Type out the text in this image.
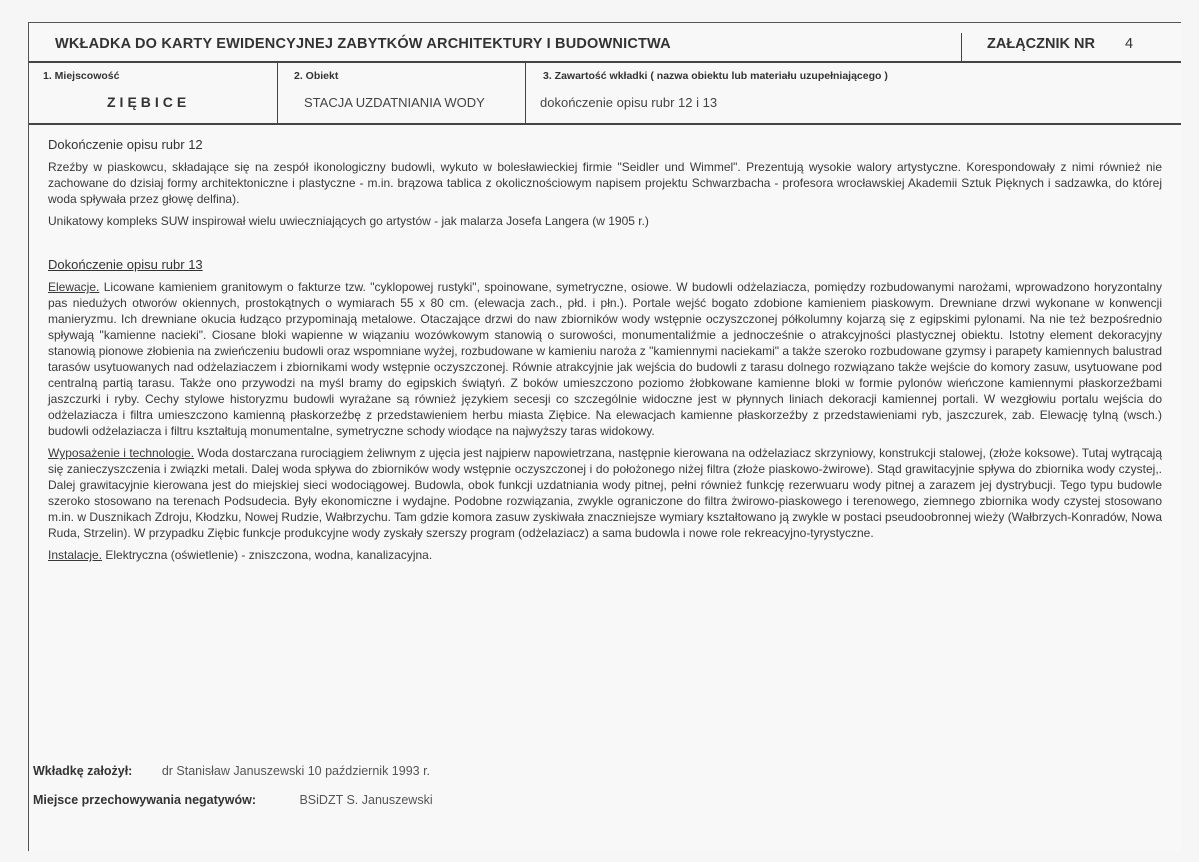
WKŁADKA DO KARTY EWIDENCYJNEJ ZABYTKÓW ARCHITEKTURY I BUDOWNICTWA	ZAŁĄCZNIK NR 4
1. Miejscowość
ZIĘBICE
2. Obiekt
STACJA UZDATNIANIA WODY
3. Zawartość wkładki ( nazwa obiektu lub materiału uzupełniającego )
dokończenie opisu rubr 12 i 13
Dokończenie opisu rubr 12

Rzeźby w piaskowcu, składające się na zespół ikonologiczny budowli, wykuto w bolesławieckiej firmie "Seidler und Wimmel". Prezentują wysokie walory artystyczne. Korespondowały z nimi również nie zachowane do dzisiaj formy architektoniczne i plastyczne - m.in. brązowa tablica z okolicznościowym napisem projektu Schwarzbacha - profesora wrocławskiej Akademii Sztuk Pięknych i sadzawka, do której woda spływała przez głowę delfina).

Unikatowy kompleks SUW inspirował wielu uwieczniających go artystów - jak malarza Josefa Langera (w 1905 r.)

Dokończenie opisu rubr 13

Elewacje. Licowane kamieniem granitowym o fakturze tzw. "cyklopowej rustyki", spoinowane, symetryczne, osiowe. W budowli odżelaziacza, pomiędzy rozbudowanymi narożami, wprowadzono horyzontalny pas niedużych otworów okiennych, prostokątnych o wymiarach 55 x 80 cm. (elewacja zach., płd. i płn.). Portale wejść bogato zdobione kamieniem piaskowym. Drewniane drzwi wykonane w konwencji manieryzmu. Ich drewniane okucia łudząco przypominają metalowe. Otaczające drzwi do naw zbiorników wody wstępnie oczyszczonej półkolumny kojarzą się z egipskimi pylonami. Na nie też bezpośrednio spływają "kamienne nacieki". Ciosane bloki wapienne w wiązaniu wozówkowym stanowią o surowości, monumentaliźmie a jednocześnie o atrakcyjności plastycznej obiektu. Istotny element dekoracyjny stanowią pionowe złobienia na zwieńczeniu budowli oraz wspomniane wyżej, rozbudowane w kamieniu naroża z "kamiennymi naciekami" a także szeroko rozbudowane gzymsy i parapety kamiennych balustrad tarasów usytuowanych nad odżelaziaczem i zbiornikami wody wstępnie oczyszczonej. Równie atrakcyjnie jak wejścia do budowli z tarasu dolnego rozwiązano także wejście do komory zasuw, usytuowane pod centralną partią tarasu. Także ono przywodzi na myśl bramy do egipskich świątyń. Z boków umieszczono poziomo żłobkowane kamienne bloki w formie pylonów wieńczone kamiennymi płaskorzeźbami jaszczurki i ryby. Cechy stylowe historyzmu budowli wyrażane są również językiem secesji co szczególnie widoczne jest w płynnych liniach dekoracji kamiennej portali. W wezgłowiu portalu wejścia do odżelaziacza i filtra umieszczono kamienną płaskorzeźbę z przedstawieniem herbu miasta Ziębice. Na elewacjach kamienne płaskorzeźby z przedstawieniami ryb, jaszczurek, zab. Elewację tylną (wsch.) budowli odżelaziacza i filtru kształtują monumentalne, symetryczne schody wiodące na najwyższy taras widokowy.

Wyposażenie i technologie. Woda dostarczana rurociągiem żeliwnym z ujęcia jest najpierw napowietrzana, następnie kierowana na odżelaziacz skrzyniowy, konstrukcji stalowej, (złoże koksowe). Tutaj wytrącają się zanieczyszczenia i związki metali. Dalej woda spływa do zbiorników wody wstępnie oczyszczonej i do położonego niżej filtra (złoże piaskowo-żwirowe). Stąd grawitacyjnie spływa do zbiornika wody czystej,. Dalej grawitacyjnie kierowana jest do miejskiej sieci wodociągowej. Budowla, obok funkcji uzdatniania wody pitnej, pełni również funkcję rezerwuaru wody pitnej a zarazem jej dystrybucji. Tego typu budowle szeroko stosowano na terenach Podsudecia. Były ekonomiczne i wydajne. Podobne rozwiązania, zwykle ograniczone do filtra żwirowo-piaskowego i terenowego, ziemnego zbiornika wody czystej stosowano m.in. w Dusznikach Zdroju, Kłodzku, Nowej Rudzie, Wałbrzychu. Tam gdzie komora zasuw zyskiwała znaczniejsze wymiary kształtowano ją zwykle w postaci pseudoobronnej wieży (Wałbrzych-Konradów, Nowa Ruda, Strzelin). W przypadku Ziębic funkcje produkcyjne wody zyskały szerszy program (odżelaziacz) a sama budowla i nowe role rekreacyjno-tyrystyczne.

Instalacje. Elektryczna (oświetlenie) - zniszczona, wodna, kanalizacyjna.

Wkładkę założył: dr Stanisław Januszewski 10 październik 1993 r.
Miejsce przechowywania negatywów:	BSiDZT S. Januszewski
